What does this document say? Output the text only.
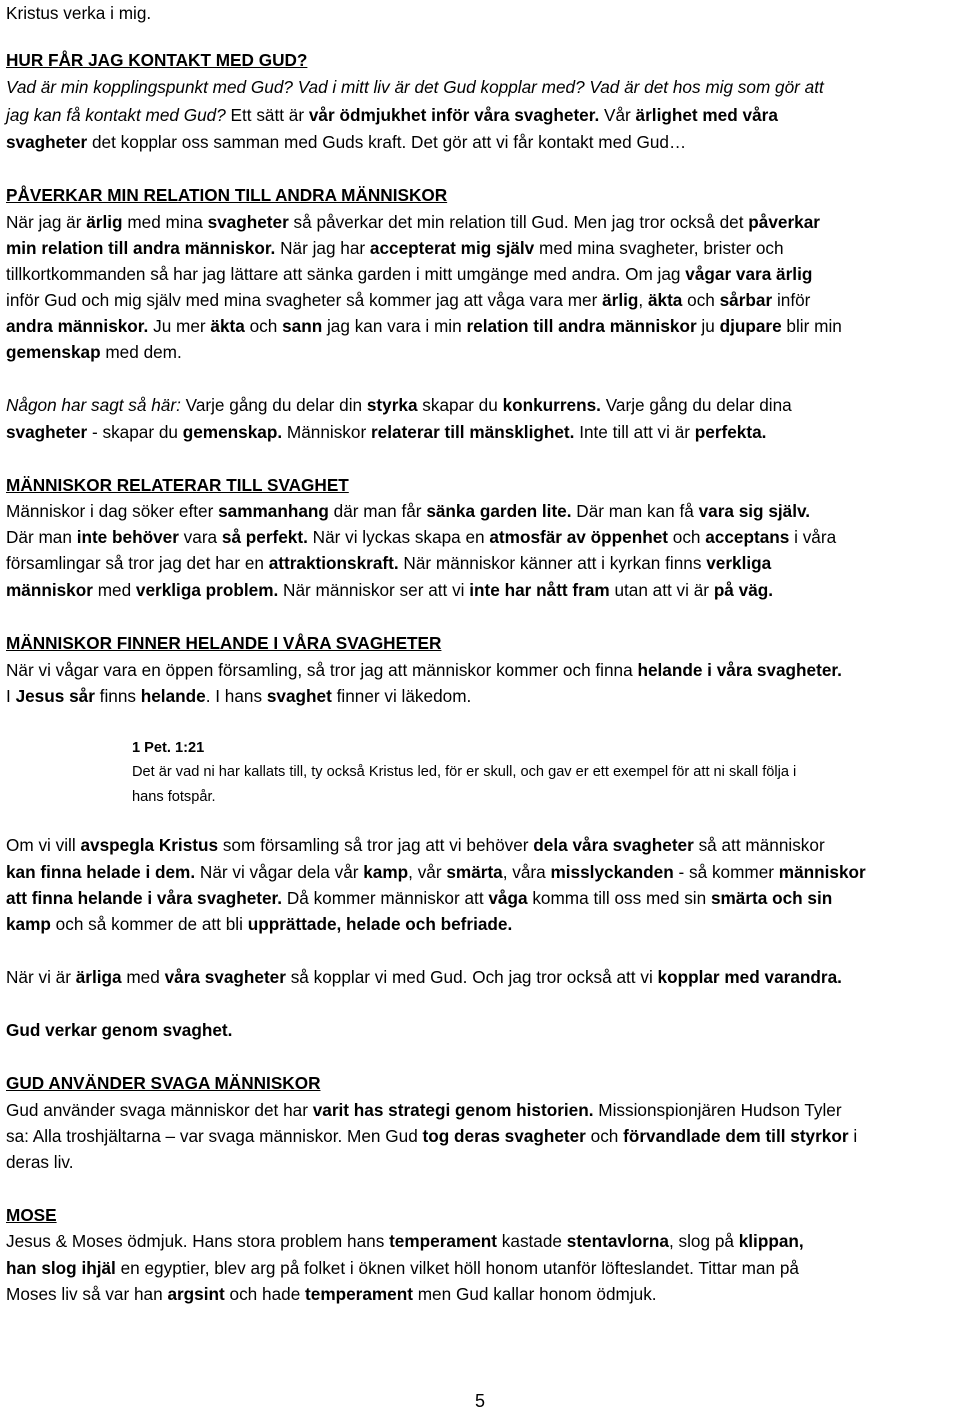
Kristus verka i mig.
HUR FÅR JAG KONTAKT MED GUD?
Vad är min kopplingspunkt med Gud? Vad i mitt liv är det Gud kopplar med? Vad är det hos mig som gör att
jag kan få kontakt med Gud? Ett sätt är vår ödmjukhet inför våra svagheter. Vår ärlighet med våra
svagheter det kopplar oss samman med Guds kraft. Det gör att vi får kontakt med Gud…
PÅVERKAR MIN RELATION TILL ANDRA MÄNNISKOR
När jag är ärlig med mina svagheter så påverkar det min relation till Gud. Men jag tror också det påverkar
min relation till andra människor. När jag har accepterat mig själv med mina svagheter, brister och
tillkortkommanden så har jag lättare att sänka garden i mitt umgänge med andra. Om jag vågar vara ärlig
inför Gud och mig själv med mina svagheter så kommer jag att våga vara mer ärlig, äkta och sårbar inför
andra människor. Ju mer äkta och sann jag kan vara i min relation till andra människor ju djupare blir min
gemenskap med dem.
Någon har sagt så här: Varje gång du delar din styrka skapar du konkurrens. Varje gång du delar dina
svagheter - skapar du gemenskap. Människor relaterar till mänsklighet. Inte till att vi är perfekta.
MÄNNISKOR RELATERAR TILL SVAGHET
Människor i dag söker efter sammanhang där man får sänka garden lite. Där man kan få vara sig själv.
Där man inte behöver vara så perfekt. När vi lyckas skapa en atmosfär av öppenhet och acceptans i våra
församlingar så tror jag det har en attraktionskraft. När människor känner att i kyrkan finns verkliga
människor med verkliga problem. När människor ser att vi inte har nått fram utan att vi är på väg.
MÄNNISKOR FINNER HELANDE I VÅRA SVAGHETER
När vi vågar vara en öppen församling, så tror jag att människor kommer och finna helande i våra svagheter.
I Jesus sår finns helande. I hans svaghet finner vi läkedom.
1 Pet. 1:21
Det är vad ni har kallats till, ty också Kristus led, för er skull, och gav er ett exempel för att ni skall följa i
hans fotspår.
Om vi vill avspegla Kristus som församling så tror jag att vi behöver dela våra svagheter så att människor
kan finna helade i dem. När vi vågar dela vår kamp, vår smärta, våra misslyckanden - så kommer människor
att finna helande i våra svagheter. Då kommer människor att våga komma till oss med sin smärta och sin
kamp och så kommer de att bli upprättade, helade och befriade.
När vi är ärliga med våra svagheter så kopplar vi med Gud. Och jag tror också att vi kopplar med varandra.
Gud verkar genom svaghet.
GUD ANVÄNDER SVAGA MÄNNISKOR
Gud använder svaga människor det har varit has strategi genom historien. Missionspionjären Hudson Tyler
sa: Alla troshjältarna – var svaga människor. Men Gud tog deras svagheter och förvandlade dem till styrkor i
deras liv.
MOSE
Jesus & Moses ödmjuk. Hans stora problem hans temperament kastade stentavlorna, slog på klippan,
han slog ihjäl en egyptier, blev arg på folket i öknen vilket höll honom utanför löfteslandet. Tittar man på
Moses liv så var han argsint och hade temperament men Gud kallar honom ödmjuk.
5
